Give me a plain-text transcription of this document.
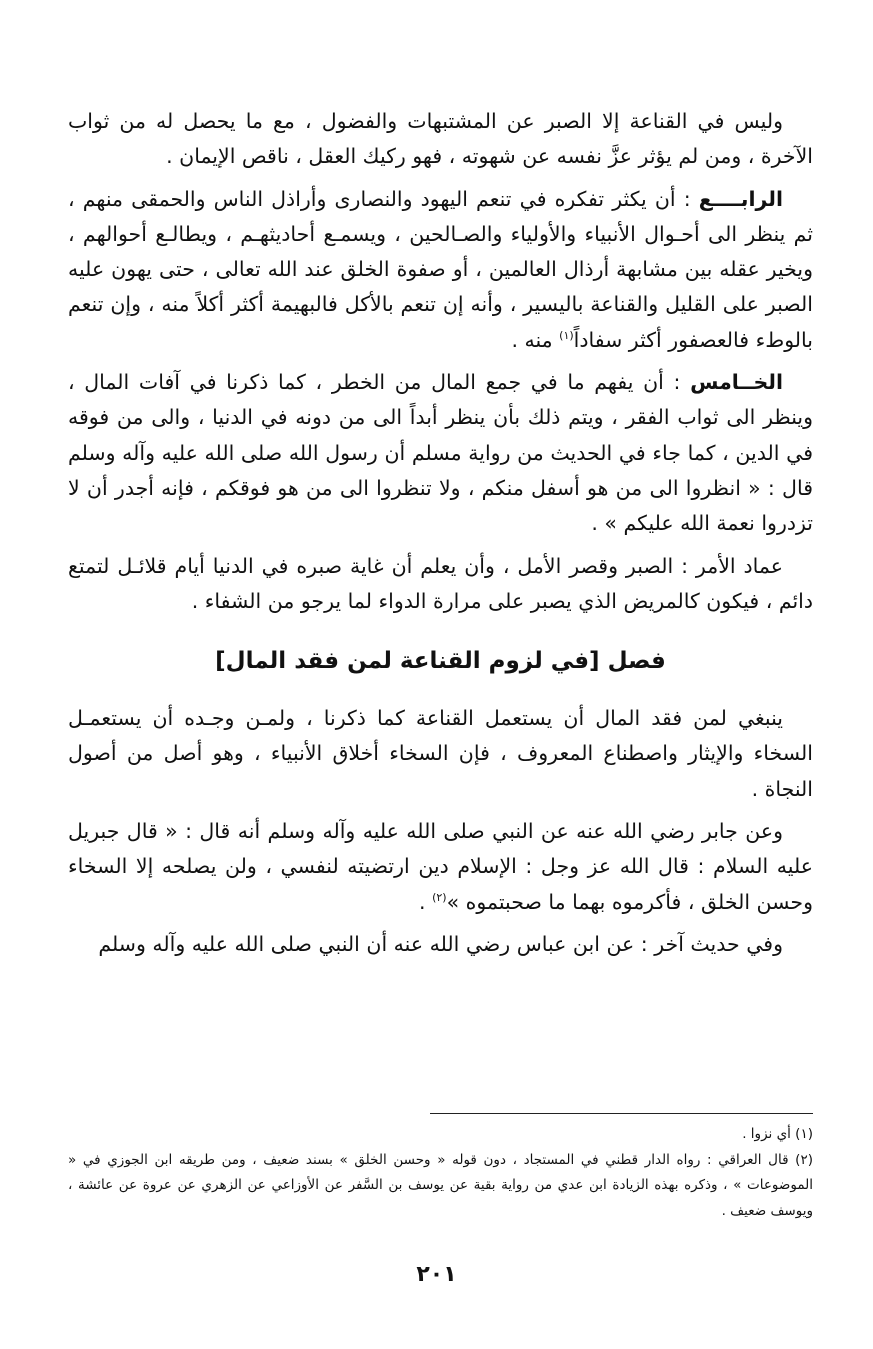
وليس في القناعة إلا الصبر عن المشتبهات والفضول ، مع ما يحصل له من ثواب الآخرة ، ومن لم يؤثر عزَّ نفسه عن شهوته ، فهو ركيك العقل ، ناقص الإيمان .

الرابــــع : أن يكثر تفكره في تنعم اليهود والنصارى وأراذل الناس والحمقى منهم ، ثم ينظر الى أحـوال الأنبياء والأولياء والصـالحين ، ويسمـع أحاديثهـم ، ويطالـع أحوالهم ، ويخير عقله بين مشابهة أرذال العالمين ، أو صفوة الخلق عند الله تعالى ، حتى يهون عليه الصبر على القليل والقناعة باليسير ، وأنه إن تنعم بالأكل فالبهيمة أكثر أكلاً منه ، وإن تنعم بالوطء فالعصفور أكثر سفاداً$^{(١)}$ منه .

الخــامس : أن يفهم ما في جمع المال من الخطر ، كما ذكرنا في آفات المال ، وينظر الى ثواب الفقر ، ويتم ذلك بأن ينظر أبداً الى من دونه في الدنيا ، والى من فوقه في الدين ، كما جاء في الحديث من رواية مسلم أن رسول الله صلى الله عليه وآله وسلم قال : « انظروا الى من هو أسفل منكم ، ولا تنظروا الى من هو فوقكم ، فإنه أجدر أن لا تزدروا نعمة الله عليكم » .

عماد الأمر : الصبر وقصر الأمل ، وأن يعلم أن غاية صبره في الدنيا أيام قلائـل لتمتع دائم ، فيكون كالمريض الذي يصبر على مرارة الدواء لما يرجو من الشفاء .

فصل [في لزوم القناعة لمن فقد المال]

ينبغي لمن فقد المال أن يستعمل القناعة كما ذكرنا ، ولمـن وجـده أن يستعمـل السخاء والإيثار واصطناع المعروف ، فإن السخاء أخلاق الأنبياء ، وهو أصل من أصول النجاة .

وعن جابر رضي الله عنه عن النبي صلى الله عليه وآله وسلم أنه قال : « قال جبريل عليه السلام : قال الله عز وجل : الإسلام دين ارتضيته لنفسي ، ولن يصلحه إلا السخاء وحسن الخلق ، فأكرموه بهما ما صحبتموه »$^{(٢)}$ .

وفي حديث آخر : عن ابن عباس رضي الله عنه أن النبي صلى الله عليه وآله وسلم

(١) أي نزوا .

(٢) قال العراقي : رواه الدار قطني في المستجاد ، دون قوله « وحسن الخلق » بسند ضعيف ، ومن طريقه ابن الجوزي في « الموضوعات » ، وذكره بهذه الزيادة ابن عدي من رواية بقية عن يوسف بن السَّفر عن الأوزاعي عن الزهري عن عروة عن عائشة ، ويوسف ضعيف .

٢٠١
